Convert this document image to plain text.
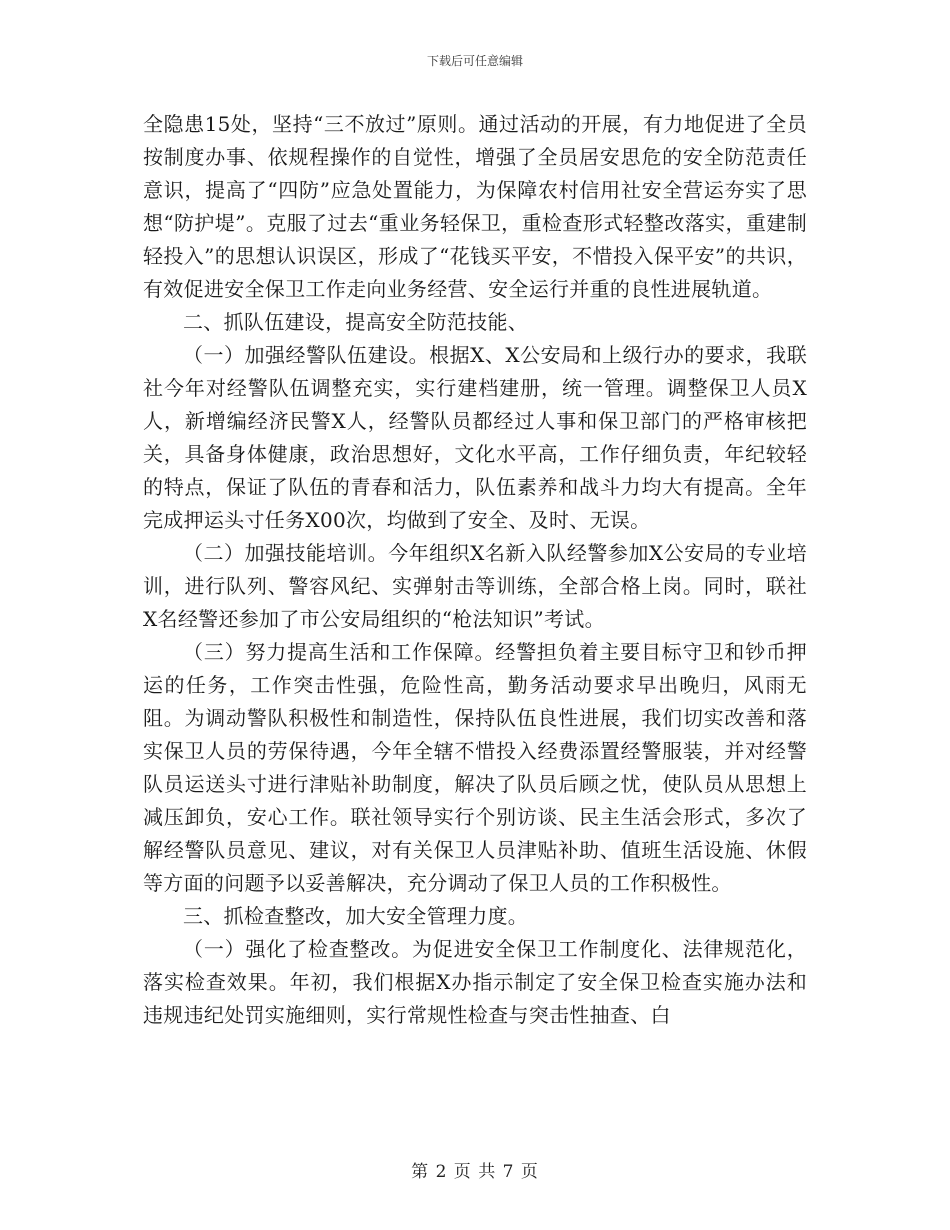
下载后可任意编辑

全隐患15处，坚持“三不放过”原则。通过活动的开展，有力地促进了全员按制度办事、依规程操作的自觉性，增强了全员居安思危的安全防范责任意识，提高了“四防”应急处置能力，为保障农村信用社安全营运夯实了思想“防护堤”。克服了过去“重业务轻保卫，重检查形式轻整改落实，重建制轻投入”的思想认识误区，形成了“花钱买平安，不惜投入保平安”的共识，有效促进安全保卫工作走向业务经营、安全运行并重的良性进展轨道。

二、抓队伍建设，提高安全防范技能、

（一）加强经警队伍建设。根据X、X公安局和上级行办的要求，我联社今年对经警队伍调整充实，实行建档建册，统一管理。调整保卫人员X人，新增编经济民警X人，经警队员都经过人事和保卫部门的严格审核把关，具备身体健康，政治思想好，文化水平高，工作仔细负责，年纪较轻的特点，保证了队伍的青春和活力，队伍素养和战斗力均大有提高。全年完成押运头寸任务X00次，均做到了安全、及时、无误。

（二）加强技能培训。今年组织X名新入队经警参加X公安局的专业培训，进行队列、警容风纪、实弹射击等训练，全部合格上岗。同时，联社X名经警还参加了市公安局组织的“枪法知识”考试。

（三）努力提高生活和工作保障。经警担负着主要目标守卫和钞币押运的任务，工作突击性强，危险性高，勤务活动要求早出晚归，风雨无阻。为调动警队积极性和制造性，保持队伍良性进展，我们切实改善和落实保卫人员的劳保待遇，今年全辖不惜投入经费添置经警服装，并对经警队员运送头寸进行津贴补助制度，解决了队员后顾之忧，使队员从思想上减压卸负，安心工作。联社领导实行个别访谈、民主生活会形式，多次了解经警队员意见、建议，对有关保卫人员津贴补助、值班生活设施、休假等方面的问题予以妥善解决，充分调动了保卫人员的工作积极性。

三、抓检查整改，加大安全管理力度。

（一）强化了检查整改。为促进安全保卫工作制度化、法律规范化，落实检查效果。年初，我们根据X办指示制定了安全保卫检查实施办法和违规违纪处罚实施细则，实行常规性检查与突击性抽查、白

第 2 页 共 7 页
